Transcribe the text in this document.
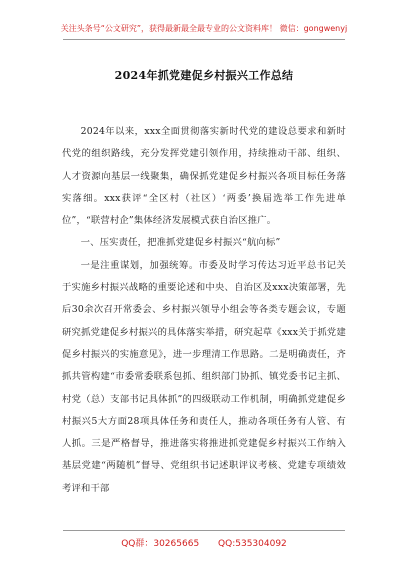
关注头条号“公文研究”，获得最新最全最专业的公文资料库！ 微信：gongwenyj
2024年抓党建促乡村振兴工作总结

2024年以来，xxx全面贯彻落实新时代党的建设总要求和新时代党的组织路线，充分发挥党建引领作用，持续推动干部、组织、人才资源向基层一线聚集，确保抓党建促乡村振兴各项目标任务落实落细。xxx获评“全区村（社区）‘两委’换届选举工作先进单位”，“联营村企”集体经济发展模式获自治区推广。

一、压实责任，把准抓党建促乡村振兴“航向标”

一是注重谋划，加强统筹。市委及时学习传达习近平总书记关于实施乡村振兴战略的重要论述和中央、自治区及xxx决策部署，先后30余次召开常委会、乡村振兴领导小组会等各类专题会议，专题研究抓党建促乡村振兴的具体落实举措，研究起草《xxx关于抓党建促乡村振兴的实施意见》，进一步理清工作思路。二是明确责任，齐抓共管构建“市委常委联系包抓、组织部门协抓、镇党委书记主抓、村党（总）支部书记具体抓”的四级联动工作机制，明确抓党建促乡村振兴5大方面28项具体任务和责任人，推动各项任务有人管、有人抓。三是严格督导，推进落实将推进抓党建促乡村振兴工作纳入基层党建“两随机”督导、党组织书记述职评议考核、党建专项绩效考评和干部

QQ群：30265665 QQ:535304092
